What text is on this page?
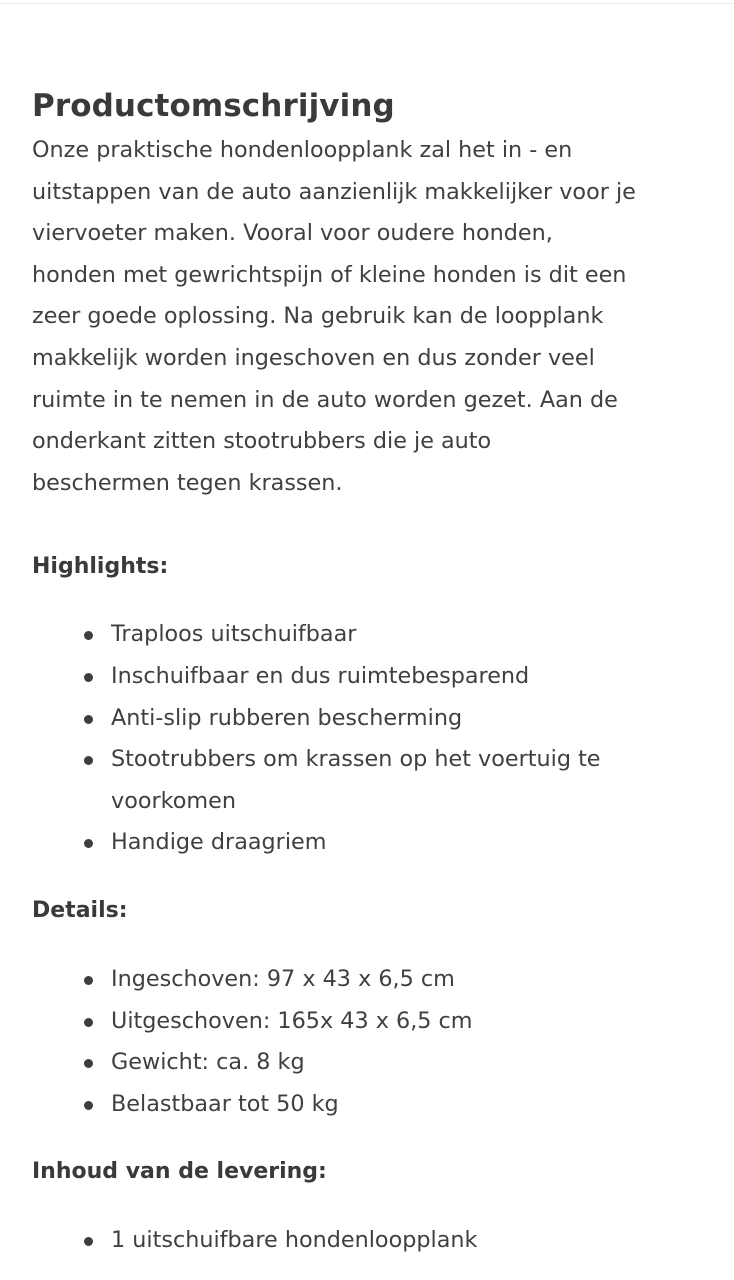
Productomschrijving

Onze praktische hondenloopplank zal het in - en
uitstappen van de auto aanzienlijk makkelijker voor je
viervoeter maken. Vooral voor oudere honden,
honden met gewrichtspijn of kleine honden is dit een
zeer goede oplossing. Na gebruik kan de loopplank
makkelijk worden ingeschoven en dus zonder veel
ruimte in te nemen in de auto worden gezet. Aan de
onderkant zitten stootrubbers die je auto
beschermen tegen krassen.

Highlights:
Traploos uitschuifbaar
Inschuifbaar en dus ruimtebesparend
Anti-slip rubberen bescherming
Stootrubbers om krassen op het voertuig te voorkomen
Handige draagriem
Details:
Ingeschoven: 97 x 43 x 6,5 cm
Uitgeschoven: 165x 43 x 6,5 cm
Gewicht: ca. 8 kg
Belastbaar tot 50 kg
Inhoud van de levering:
1 uitschuifbare hondenloopplank
